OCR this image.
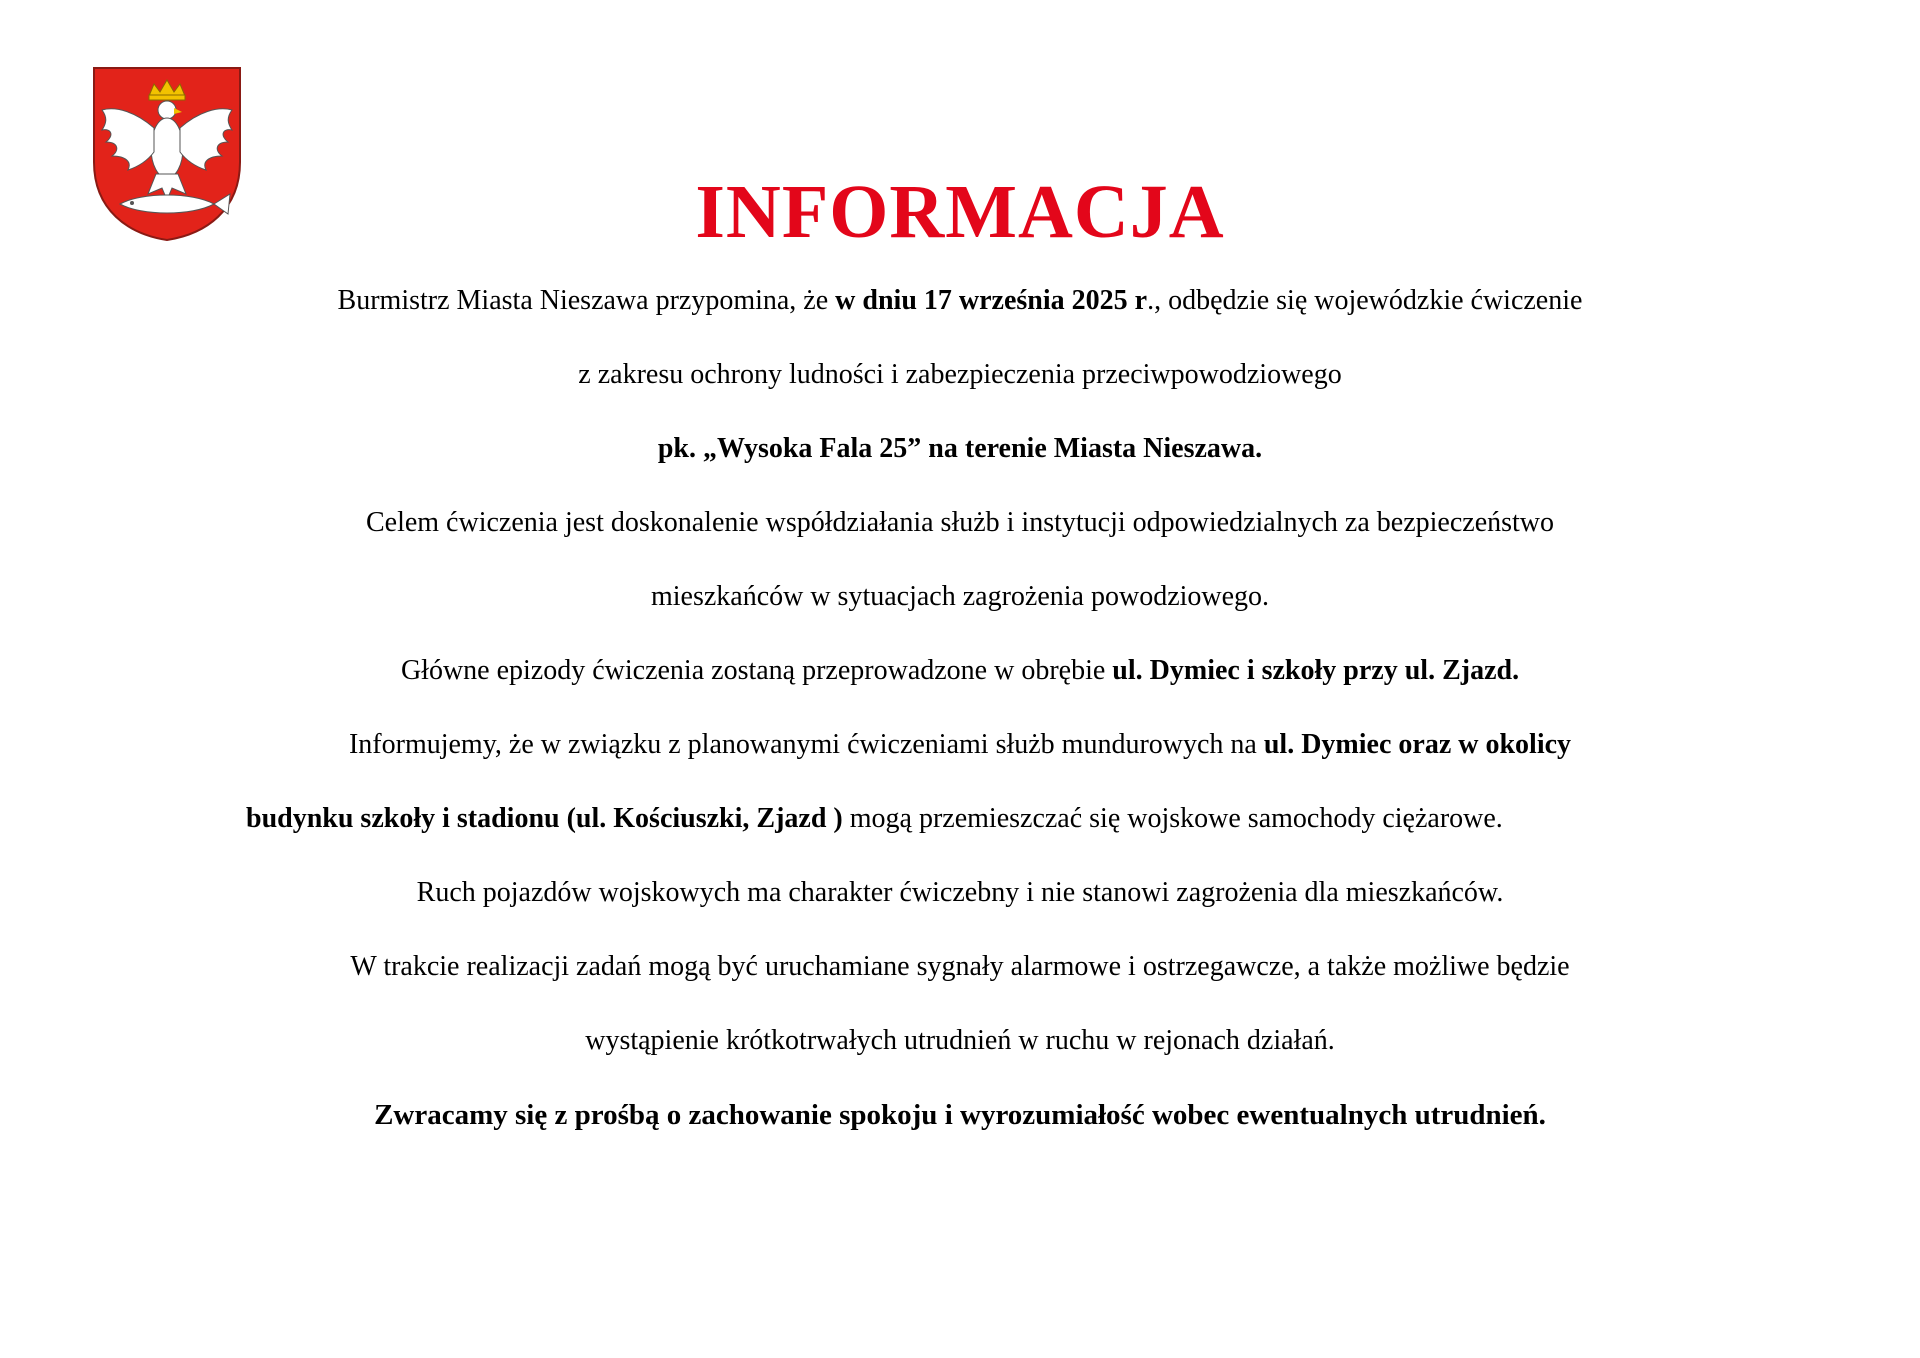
INFORMACJA

Burmistrz Miasta Nieszawa przypomina, że w dniu 17 września 2025 r., odbędzie się wojewódzkie ćwiczenie

z zakresu ochrony ludności i zabezpieczenia przeciwpowodziowego

pk. „Wysoka Fala 25” na terenie Miasta Nieszawa.

Celem ćwiczenia jest doskonalenie współdziałania służb i instytucji odpowiedzialnych za bezpieczeństwo

mieszkańców w sytuacjach zagrożenia powodziowego.

Główne epizody ćwiczenia zostaną przeprowadzone w obrębie ul. Dymiec i szkoły przy ul. Zjazd.

Informujemy, że w związku z planowanymi ćwiczeniami służb mundurowych na ul. Dymiec oraz w okolicy

budynku szkoły i stadionu (ul. Kościuszki, Zjazd ) mogą przemieszczać się wojskowe samochody ciężarowe.

Ruch pojazdów wojskowych ma charakter ćwiczebny i nie stanowi zagrożenia dla mieszkańców.

W trakcie realizacji zadań mogą być uruchamiane sygnały alarmowe i ostrzegawcze, a także możliwe będzie

wystąpienie krótkotrwałych utrudnień w ruchu w rejonach działań.

Zwracamy się z prośbą o zachowanie spokoju i wyrozumiałość wobec ewentualnych utrudnień.
